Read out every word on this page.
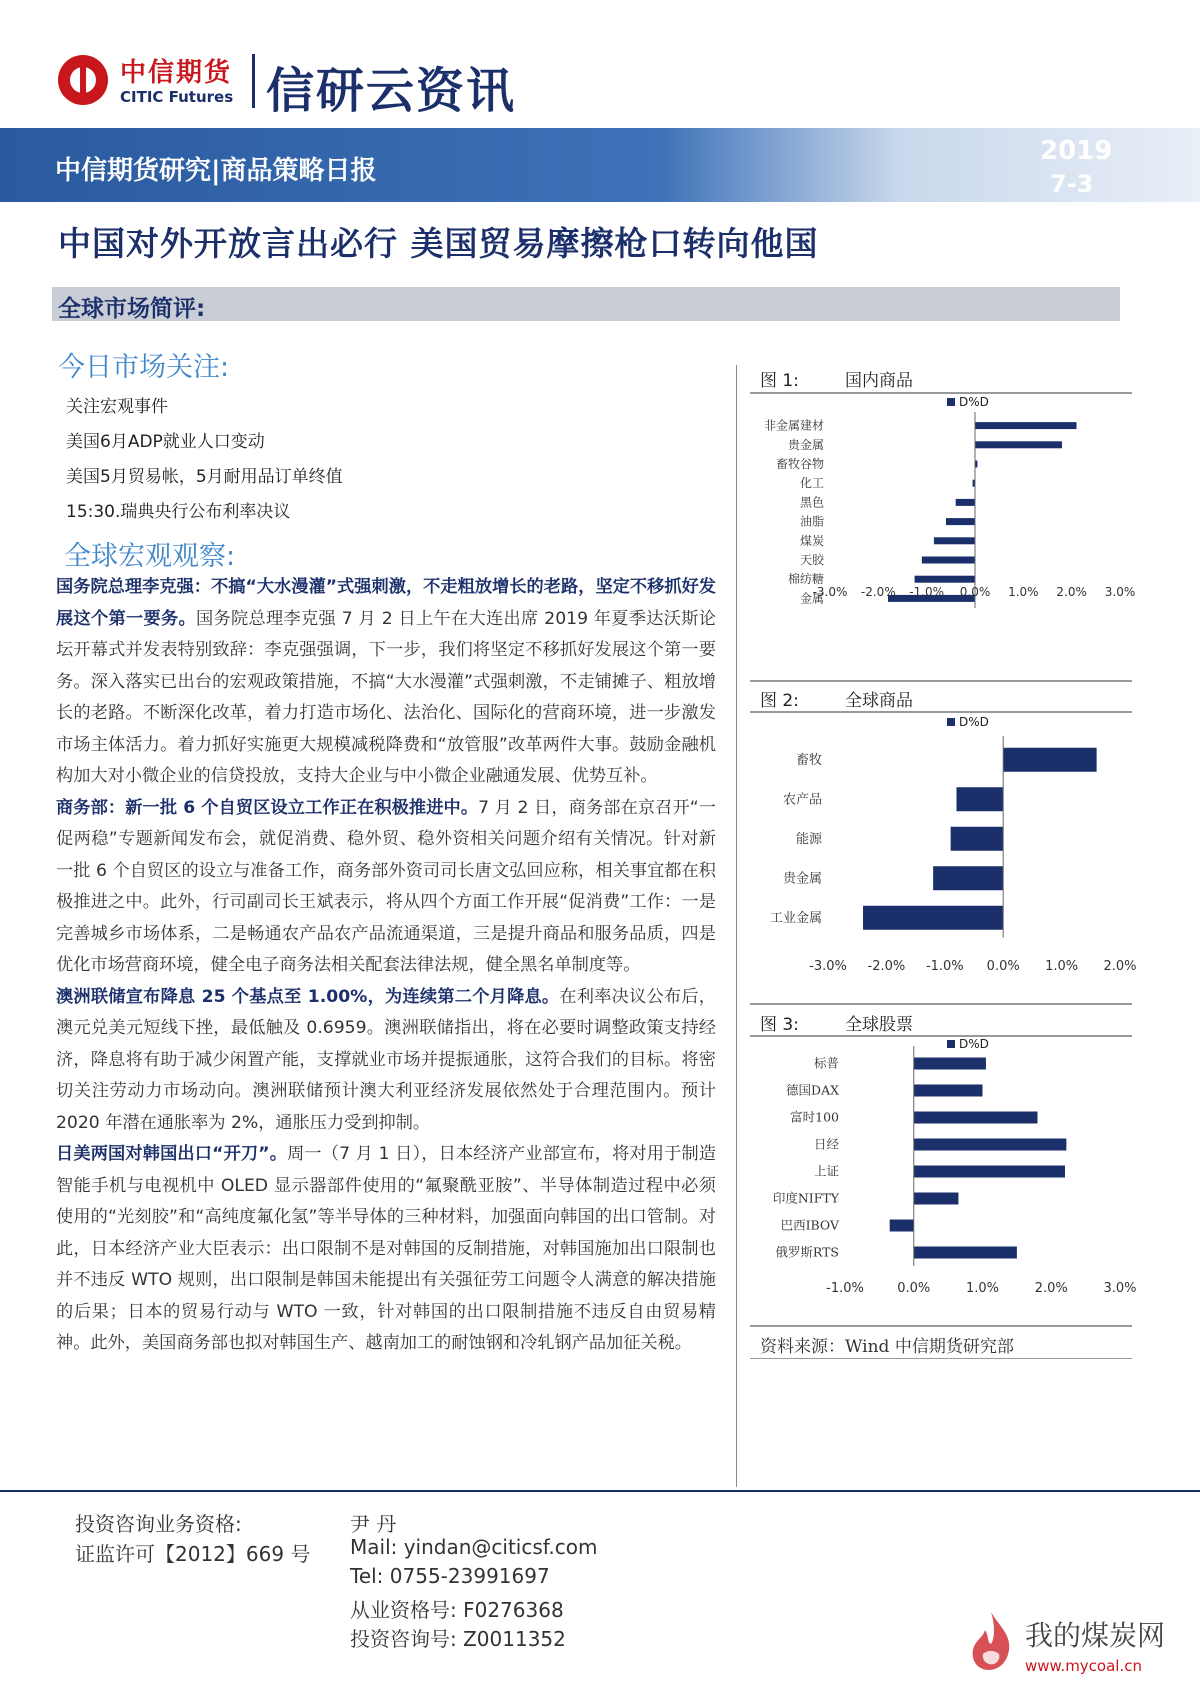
中信期货
CITIC Futures 信研云资讯
中信期货研究|商品策略日报
2019
7-3
中国对外开放言出必行 美国贸易摩擦枪口转向他国
全球市场简评:
今日市场关注:
关注宏观事件
美国6月ADP就业人口变动
美国5月贸易帐，5月耐用品订单终值
15:30.瑞典央行公布利率决议
全球宏观观察:

国务院总理李克强：不搞“大水漫灌”式强刺激，不走粗放增长的老路，坚定不移抓好发展这个第一要务。国务院总理李克强 7 月 2 日上午在大连出席 2019 年夏季达沃斯论坛开幕式并发表特别致辞：李克强强调，下一步，我们将坚定不移抓好发展这个第一要务。深入落实已出台的宏观政策措施，不搞“大水漫灌”式强刺激，不走铺摊子、粗放增长的老路。不断深化改革，着力打造市场化、法治化、国际化的营商环境，进一步激发市场主体活力。着力抓好实施更大规模减税降费和“放管服”改革两件大事。鼓励金融机构加大对小微企业的信贷投放，支持大企业与中小微企业融通发展、优势互补。

商务部：新一批 6 个自贸区设立工作正在积极推进中。7 月 2 日，商务部在京召开“一促两稳”专题新闻发布会，就促消费、稳外贸、稳外资相关问题介绍有关情况。针对新一批 6 个自贸区的设立与准备工作，商务部外资司司长唐文弘回应称，相关事宜都在积极推进之中。此外，行司副司长王斌表示，将从四个方面工作开展“促消费”工作：一是完善城乡市场体系，二是畅通农产品农产品流通渠道，三是提升商品和服务品质，四是优化市场营商环境，健全电子商务法相关配套法律法规，健全黑名单制度等。

澳洲联储宣布降息 25 个基点至 1.00%，为连续第二个月降息。在利率决议公布后，澳元兑美元短线下挫，最低触及 0.6959。澳洲联储指出，将在必要时调整政策支持经济，降息将有助于减少闲置产能，支撑就业市场并提振通胀，这符合我们的目标。将密切关注劳动力市场动向。澳洲联储预计澳大利亚经济发展依然处于合理范围内。预计 2020 年潜在通胀率为 2%，通胀压力受到抑制。

日美两国对韩国出口“开刀”。周一（7 月 1 日），日本经济产业部宣布，将对用于制造智能手机与电视机中 OLED 显示器部件使用的“氟聚酰亚胺”、半导体制造过程中必须使用的“光刻胶”和“高纯度氟化氢”等半导体的三种材料，加强面向韩国的出口管制。对此，日本经济产业大臣表示：出口限制不是对韩国的反制措施，对韩国施加出口限制也并不违反 WTO 规则，出口限制是韩国未能提出有关强征劳工问题令人满意的解决措施的后果；日本的贸易行动与 WTO 一致，针对韩国的出口限制措施不违反自由贸易精神。此外，美国商务部也拟对韩国生产、越南加工的耐蚀钢和冷轧钢产品加征关税。

图 1:	国内商品
D%D
非金属建材
贵金属
畜牧谷物
化工
黑色
油脂
煤炭
天胶
棉纺糖
金属
-3.0% -2.0% -1.0% 0.0% 1.0% 2.0% 3.0%
图 2:	全球商品
D%D
畜牧
农产品
能源
贵金属
工业金属
-3.0% -2.0% -1.0% 0.0% 1.0% 2.0%
图 3:	全球股票
D%D
标普
德国DAX
富时100
日经
上证
印度NIFTY
巴西IBOV
俄罗斯RTS
-1.0%	0.0%	1.0%	2.0%	3.0%
资料来源：Wind 中信期货研究部
投资咨询业务资格:
证监许可【2012】669 号
尹 丹
Mail: yindan@citicsf.com
Tel: 0755-23991697
从业资格号: F0276368
投资咨询号: Z0011352	我的煤炭网
www.mycoal.cn
